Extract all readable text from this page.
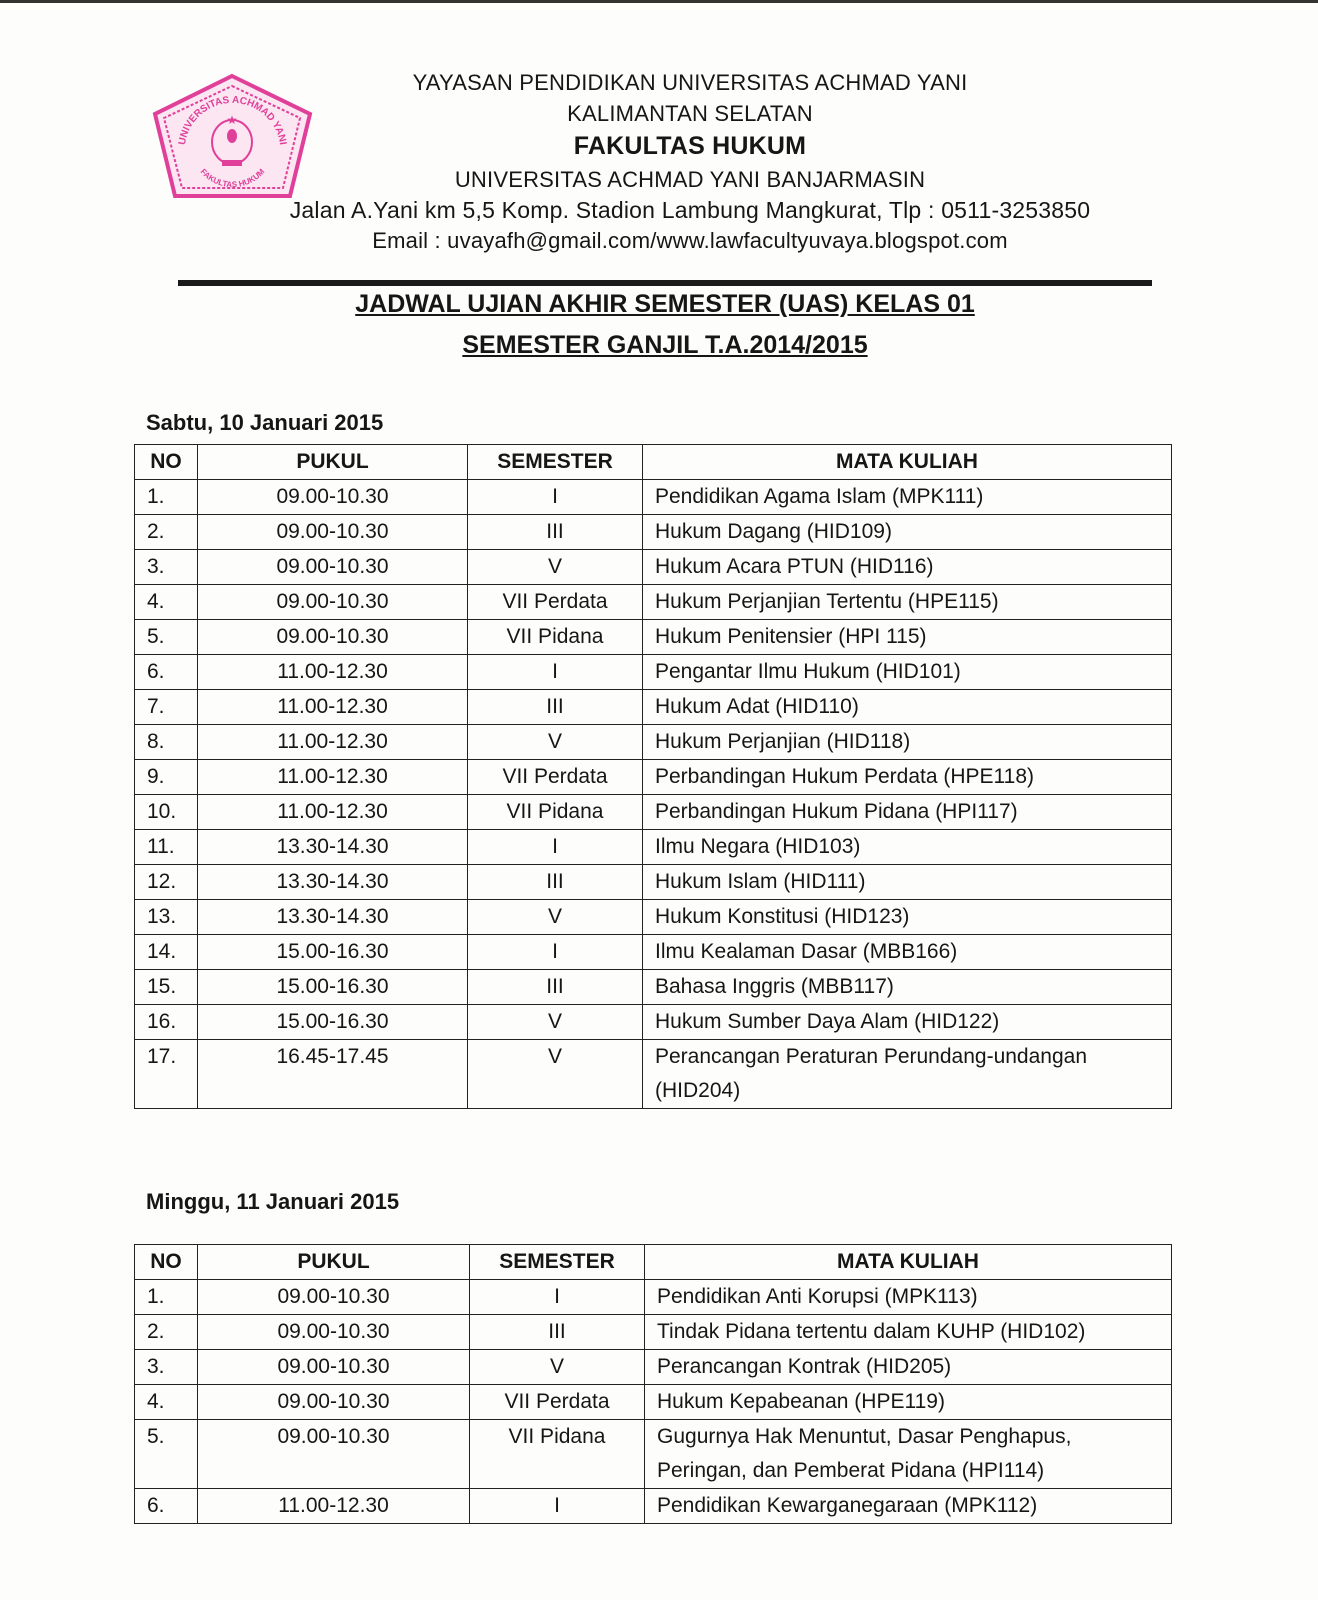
UNIVERSITAS ACHMAD YANI
FAKULTAS HUKUM
★
YAYASAN PENDIDIKAN UNIVERSITAS ACHMAD YANI
KALIMANTAN SELATAN
FAKULTAS HUKUM
UNIVERSITAS ACHMAD YANI BANJARMASIN
Jalan A.Yani km 5,5 Komp. Stadion Lambung Mangkurat, Tlp : 0511-3253850
Email : uvayafh@gmail.com/www.lawfacultyuvaya.blogspot.com
JADWAL UJIAN AKHIR SEMESTER (UAS) KELAS 01
SEMESTER GANJIL T.A.2014/2015
Sabtu, 10 Januari 2015
NO	PUKUL	SEMESTER	MATA KULIAH
1.	09.00-10.30	I	Pendidikan Agama Islam (MPK111)
2.	09.00-10.30	III	Hukum Dagang (HID109)
3.	09.00-10.30	V	Hukum Acara PTUN (HID116)
4.	09.00-10.30	VII Perdata	Hukum Perjanjian Tertentu (HPE115)
5.	09.00-10.30	VII Pidana	Hukum Penitensier (HPI 115)
6.	11.00-12.30	I	Pengantar Ilmu Hukum (HID101)
7.	11.00-12.30	III	Hukum Adat (HID110)
8.	11.00-12.30	V	Hukum Perjanjian (HID118)
9.	11.00-12.30	VII Perdata	Perbandingan Hukum Perdata (HPE118)
10.	11.00-12.30	VII Pidana	Perbandingan Hukum Pidana (HPI117)
11.	13.30-14.30	I	Ilmu Negara (HID103)
12.	13.30-14.30	III	Hukum Islam (HID111)
13.	13.30-14.30	V	Hukum Konstitusi (HID123)
14.	15.00-16.30	I	Ilmu Kealaman Dasar (MBB166)
15.	15.00-16.30	III	Bahasa Inggris (MBB117)
16.	15.00-16.30	V	Hukum Sumber Daya Alam (HID122)
17.	16.45-17.45	V	Perancangan Peraturan Perundang-undangan (HID204)
Minggu, 11 Januari 2015
NO	PUKUL	SEMESTER	MATA KULIAH
1.	09.00-10.30	I	Pendidikan Anti Korupsi (MPK113)
2.	09.00-10.30	III	Tindak Pidana tertentu dalam KUHP (HID102)
3.	09.00-10.30	V	Perancangan Kontrak (HID205)
4.	09.00-10.30	VII Perdata	Hukum Kepabeanan (HPE119)
5.	09.00-10.30	VII Pidana	Gugurnya Hak Menuntut, Dasar Penghapus, Peringan, dan Pemberat Pidana (HPI114)
6.	11.00-12.30	I	Pendidikan Kewarganegaraan (MPK112)
